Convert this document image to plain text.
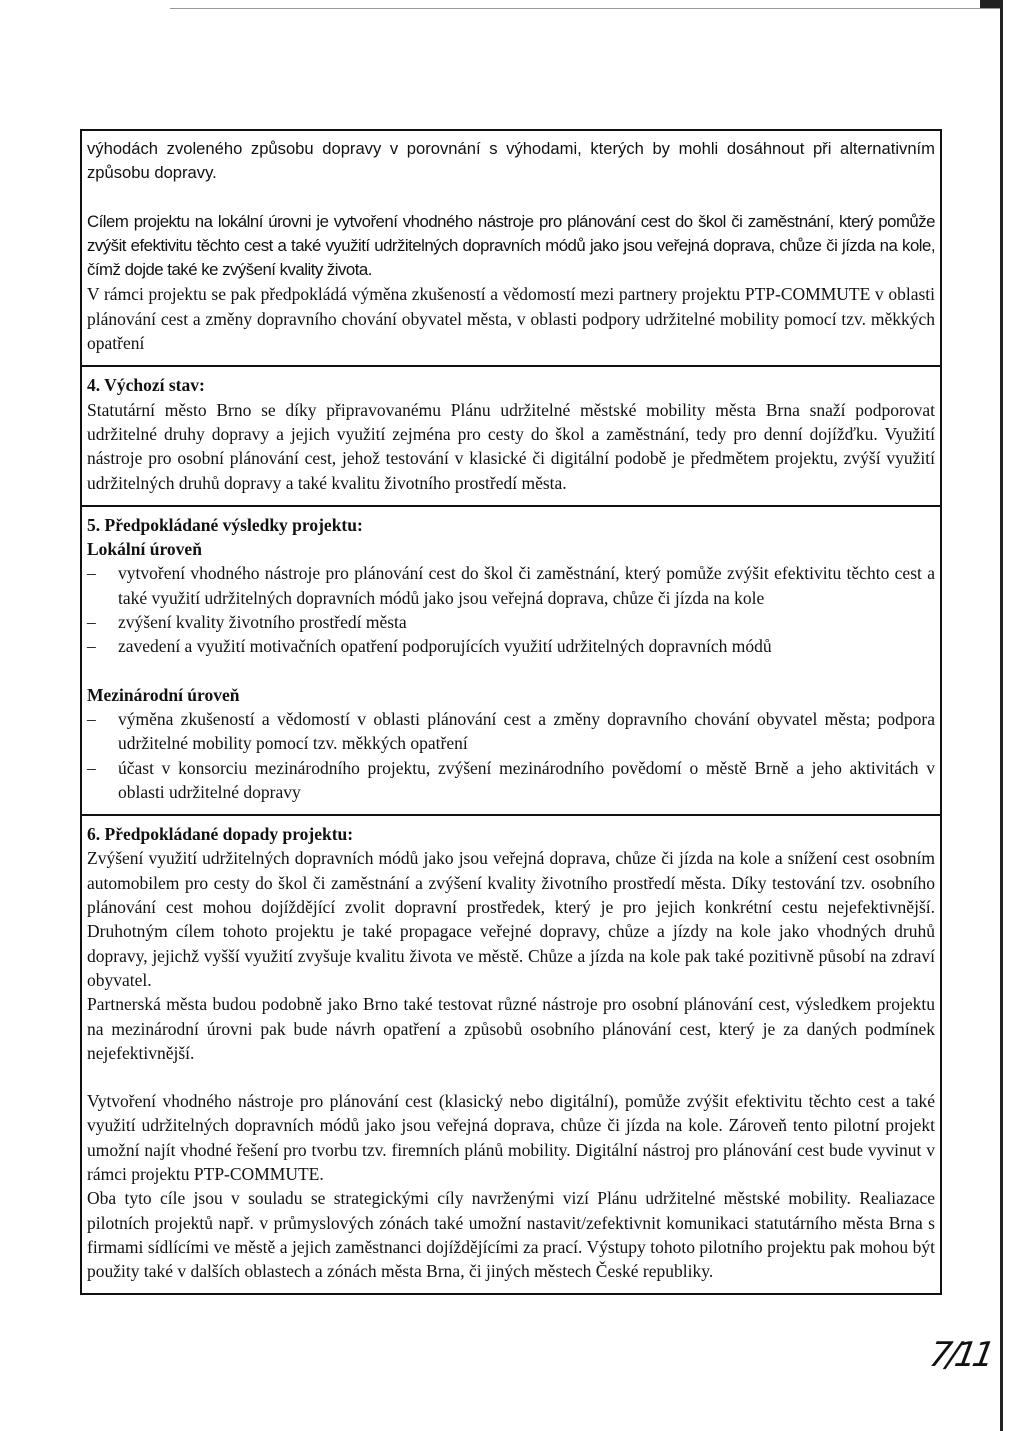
výhodách zvoleného způsobu dopravy v porovnání s výhodami, kterých by mohli dosáhnout při alternativním způsobu dopravy.

Cílem projektu na lokální úrovni je vytvoření vhodného nástroje pro plánování cest do škol či zaměstnání, který pomůže zvýšit efektivitu těchto cest a také využití udržitelných dopravních módů jako jsou veřejná doprava, chůze či jízda na kole, čímž dojde také ke zvýšení kvality života.

V rámci projektu se pak předpokládá výměna zkušeností a vědomostí mezi partnery projektu PTP-COMMUTE v oblasti plánování cest a změny dopravního chování obyvatel města, v oblasti podpory udržitelné mobility pomocí tzv. měkkých opatření

4. Výchozí stav:

Statutární město Brno se díky připravovanému Plánu udržitelné městské mobility města Brna snaží podporovat udržitelné druhy dopravy a jejich využití zejména pro cesty do škol a zaměstnání, tedy pro denní dojížďku. Využití nástroje pro osobní plánování cest, jehož testování v klasické či digitální podobě je předmětem projektu, zvýší využití udržitelných druhů dopravy a také kvalitu životního prostředí města.

5. Předpokládané výsledky projektu:

Lokální úroveň

– vytvoření vhodného nástroje pro plánování cest do škol či zaměstnání, který pomůže zvýšit efektivitu těchto cest a také využití udržitelných dopravních módů jako jsou veřejná doprava, chůze či jízda na kole
– zvýšení kvality životního prostředí města
– zavedení a využití motivačních opatření podporujících využití udržitelných dopravních módů

Mezinárodní úroveň

– výměna zkušeností a vědomostí v oblasti plánování cest a změny dopravního chování obyvatel města; podpora udržitelné mobility pomocí tzv. měkkých opatření
– účast v konsorciu mezinárodního projektu, zvýšení mezinárodního povědomí o městě Brně a jeho aktivitách v oblasti udržitelné dopravy

6. Předpokládané dopady projektu:

Zvýšení využití udržitelných dopravních módů jako jsou veřejná doprava, chůze či jízda na kole a snížení cest osobním automobilem pro cesty do škol či zaměstnání a zvýšení kvality životního prostředí města. Díky testování tzv. osobního plánování cest mohou dojíždějící zvolit dopravní prostředek, který je pro jejich konkrétní cestu nejefektivnější. Druhotným cílem tohoto projektu je také propagace veřejné dopravy, chůze a jízdy na kole jako vhodných druhů dopravy, jejichž vyšší využití zvyšuje kvalitu života ve městě. Chůze a jízda na kole pak také pozitivně působí na zdraví obyvatel.

Partnerská města budou podobně jako Brno také testovat různé nástroje pro osobní plánování cest, výsledkem projektu na mezinárodní úrovni pak bude návrh opatření a způsobů osobního plánování cest, který je za daných podmínek nejefektivnější.

Vytvoření vhodného nástroje pro plánování cest (klasický nebo digitální), pomůže zvýšit efektivitu těchto cest a také využití udržitelných dopravních módů jako jsou veřejná doprava, chůze či jízda na kole. Zároveň tento pilotní projekt umožní najít vhodné řešení pro tvorbu tzv. firemních plánů mobility. Digitální nástroj pro plánování cest bude vyvinut v rámci projektu PTP-COMMUTE.

Oba tyto cíle jsou v souladu se strategickými cíly navrženými vizí Plánu udržitelné městské mobility. Realiazace pilotních projektů např. v průmyslových zónách také umožní nastavit/zefektivnit komunikaci statutárního města Brna s firmami sídlícími ve městě a jejich zaměstnanci dojíždějícími za prací. Výstupy tohoto pilotního projektu pak mohou být použity také v dalších oblastech a zónách města Brna, či jiných městech České republiky.

7/11
